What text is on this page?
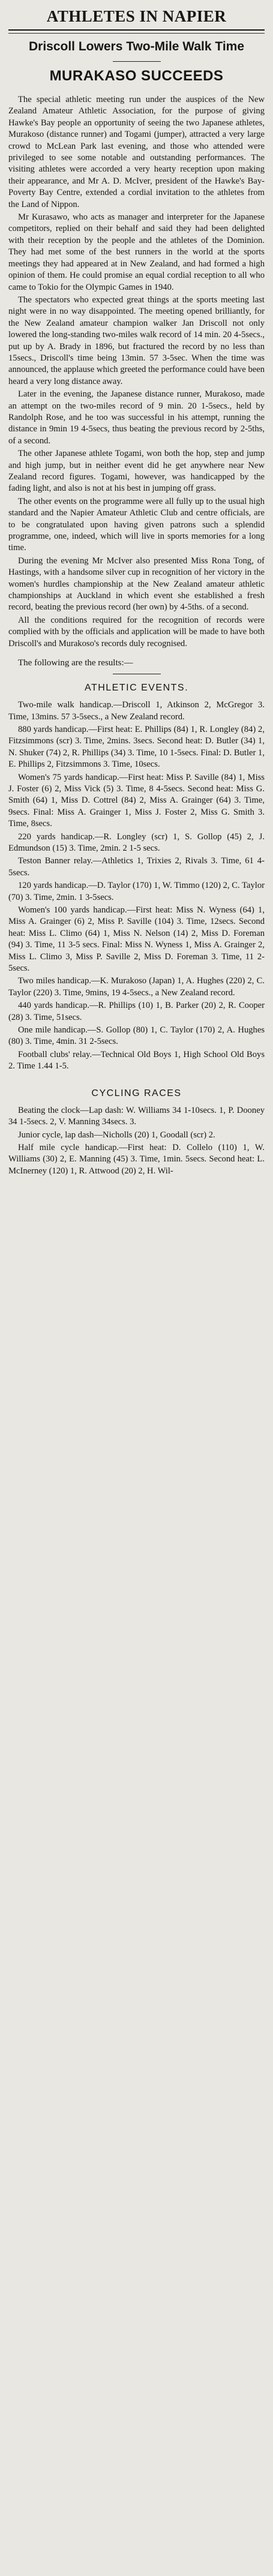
ATHLETES IN NAPIER
Driscoll Lowers Two-Mile Walk Time
MURAKASO SUCCEEDS

The special athletic meeting run under the auspices of the New Zealand Amateur Athletic Association, for the purpose of giving Hawke's Bay people an opportunity of seeing the two Japanese athletes, Murakoso (distance runner) and Togami (jumper), attracted a very large crowd to McLean Park last evening, and those who attended were privileged to see some notable and outstanding performances. The visiting athletes were accorded a very hearty reception upon making their appearance, and Mr A. D. McIver, president of the Hawke's Bay-Poverty Bay Centre, extended a cordial invitation to the athletes from the Land of Nippon.

Mr Kurasawo, who acts as manager and interpreter for the Japanese competitors, replied on their behalf and said they had been delighted with their reception by the people and the athletes of the Dominion. They had met some of the best runners in the world at the sports meetings they had appeared at in New Zealand, and had formed a high opinion of them. He could promise an equal cordial reception to all who came to Tokio for the Olympic Games in 1940.

The spectators who expected great things at the sports meeting last night were in no way disappointed. The meeting opened brilliantly, for the New Zealand amateur champion walker Jan Driscoll not only lowered the long-standing two-miles walk record of 14 min. 20 4-5secs., put up by A. Brady in 1896, but fractured the record by no less than 15secs., Driscoll's time being 13min. 57 3-5sec. When the time was announced, the applause which greeted the performance could have been heard a very long distance away.

Later in the evening, the Japanese distance runner, Murakoso, made an attempt on the two-miles record of 9 min. 20 1-5secs., held by Randolph Rose, and he too was successful in his attempt, running the distance in 9min 19 4-5secs, thus beating the previous record by 2-5ths, of a second.

The other Japanese athlete Togami, won both the hop, step and jump and high jump, but in neither event did he get anywhere near New Zealand record figures. Togami, however, was handicapped by the fading light, and also is not at his best in jumping off grass.

The other events on the programme were all fully up to the usual high standard and the Napier Amateur Athletic Club and centre officials, are to be congratulated upon having given patrons such a splendid programme, one, indeed, which will live in sports memories for a long time.

During the evening Mr McIver also presented Miss Rona Tong, of Hastings, with a handsome silver cup in recognition of her victory in the women's hurdles championship at the New Zealand amateur athletic championships at Auckland in which event she established a fresh record, beating the previous record (her own) by 4-5ths. of a second.

All the conditions required for the recognition of records were complied with by the officials and application will be made to have both Driscoll's and Murakoso's records duly recognised.

The following are the results:—

ATHLETIC EVENTS.

Two-mile walk handicap.—Driscoll 1, Atkinson 2, McGregor 3. Time, 13mins. 57 3-5secs., a New Zealand record.

880 yards handicap.—First heat: E. Phillips (84) 1, R. Longley (84) 2, Fitzsimmons (scr) 3. Time, 2mins. 3secs. Second heat: D. Butler (34) 1, N. Shuker (74) 2, R. Phillips (34) 3. Time, 10 1-5secs. Final: D. Butler 1, E. Phillips 2, Fitzsimmons 3. Time, 10secs.

Women's 75 yards handicap.—First heat: Miss P. Saville (84) 1, Miss J. Foster (6) 2, Miss Vick (5) 3. Time, 8 4-5secs. Second heat: Miss G. Smith (64) 1, Miss D. Cottrel (84) 2, Miss A. Grainger (64) 3. Time, 9secs. Final: Miss A. Grainger 1, Miss J. Foster 2, Miss G. Smith 3. Time, 8secs.

220 yards handicap.—R. Longley (scr) 1, S. Gollop (45) 2, J. Edmundson (15) 3. Time, 2min. 2 1-5 secs.

Teston Banner relay.—Athletics 1, Trixies 2, Rivals 3. Time, 61 4-5secs.

120 yards handicap.—D. Taylor (170) 1, W. Timmo (120) 2, C. Taylor (70) 3. Time, 2min. 1 3-5secs.

Women's 100 yards handicap.—First heat: Miss N. Wyness (64) 1, Miss A. Grainger (6) 2, Miss P. Saville (104) 3. Time, 12secs. Second heat: Miss L. Climo (64) 1, Miss N. Nelson (14) 2, Miss D. Foreman (94) 3. Time, 11 3-5 secs. Final: Miss N. Wyness 1, Miss A. Grainger 2, Miss L. Climo 3, Miss P. Saville 2, Miss D. Foreman 3. Time, 11 2-5secs.

Two miles handicap.—K. Murakoso (Japan) 1, A. Hughes (220) 2, C. Taylor (220) 3. Time, 9mins, 19 4-5secs., a New Zealand record.

440 yards handicap.—R. Phillips (10) 1, B. Parker (20) 2, R. Cooper (28) 3. Time, 51secs.

One mile handicap.—S. Gollop (80) 1, C. Taylor (170) 2, A. Hughes (80) 3. Time, 4min. 31 2-5secs.

Football clubs' relay.—Technical Old Boys 1, High School Old Boys 2. Time 1.44 1-5.

CYCLING RACES

Beating the clock—Lap dash: W. Williams 34 1-10secs. 1, P. Dooney 34 1-5secs. 2, V. Manning 34secs. 3.

Junior cycle, lap dash—Nicholls (20) 1, Goodall (scr) 2.

Half mile cycle handicap.—First heat: D. Collelo (110) 1, W. Williams (30) 2, E. Manning (45) 3. Time, 1min. 5secs. Second heat: L. McInerney (120) 1, R. Attwood (20) 2, H. Wil-
